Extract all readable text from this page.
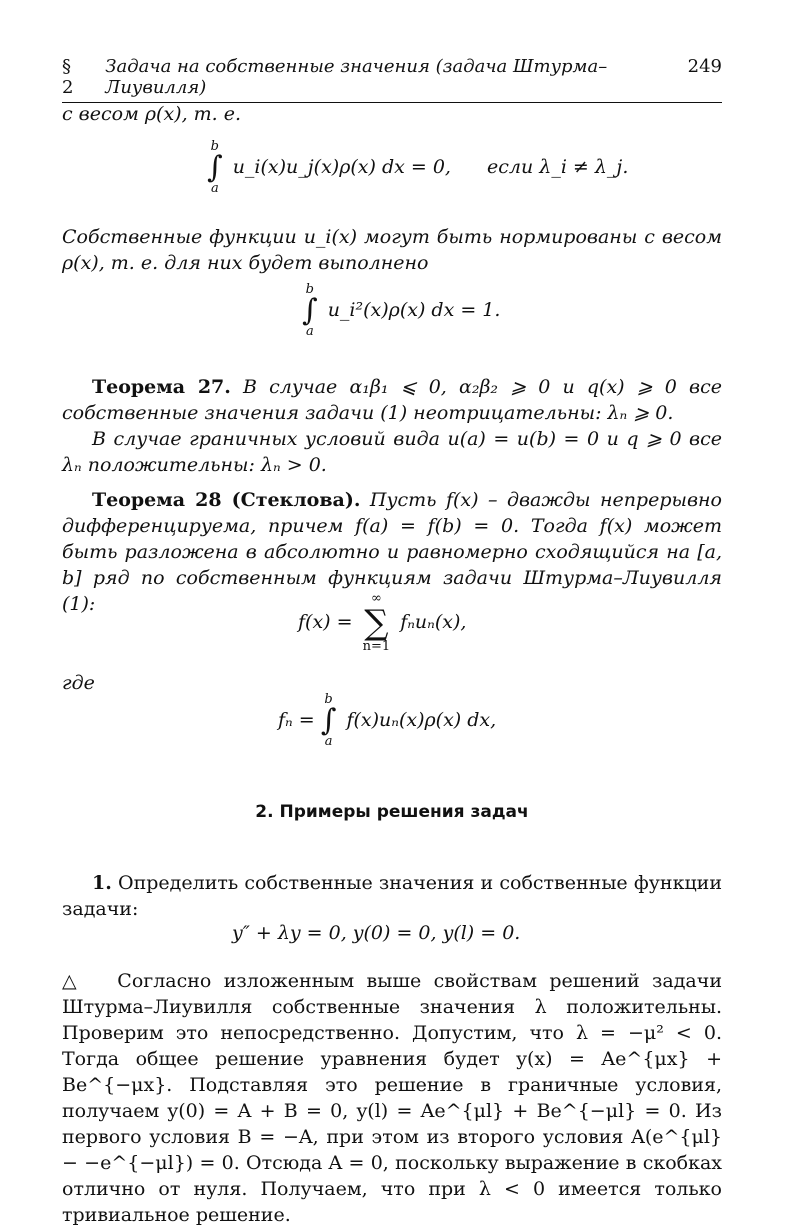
§ 2
Задача на собственные значения (задача Штурма–Лиувилля)
249
с весом ρ(x), т. е.
b
∫
a
u_i(x)u_j(x)ρ(x) dx = 0, если λ_i ≠ λ_j.
Собственные функции u_i(x) могут быть нормированы с весом ρ(x), т. е. для них будет выполнено
b
∫
a
u_i²(x)ρ(x) dx = 1.
Теорема 27. В случае α₁β₁ ⩽ 0, α₂β₂ ⩾ 0 и q(x) ⩾ 0 все собственные значения задачи (1) неотрицательны: λₙ ⩾ 0.
В случае граничных условий вида u(a) = u(b) = 0 и q ⩾ 0 все λₙ положительны: λₙ > 0.
Теорема 28 (Стеклова). Пусть f(x) – дважды непрерывно дифференцируема, причем f(a) = f(b) = 0. Тогда f(x) может быть разложена в абсолютно и равномерно сходящийся на [a, b] ряд по собственным функциям задачи Штурма–Лиувилля (1):
f(x) =
∞
∑
n=1
fₙuₙ(x),
где
fₙ =
b
∫
a
f(x)uₙ(x)ρ(x) dx,
2. Примеры решения задач
1. Определить собственные значения и собственные функции задачи:
y″ + λy = 0, y(0) = 0, y(l) = 0.
△ Согласно изложенным выше свойствам решений задачи Штурма–Лиувилля собственные значения λ положительны. Проверим это непосредственно. Допустим, что λ = −μ² < 0. Тогда общее решение уравнения будет y(x) = Ae^{μx} + Be^{−μx}. Подставляя это решение в граничные условия, получаем y(0) = A + B = 0, y(l) = Ae^{μl} + Be^{−μl} = 0. Из первого условия B = −A, при этом из второго условия A(e^{μl} − −e^{−μl}) = 0. Отсюда A = 0, поскольку выражение в скобках отлично от нуля. Получаем, что при λ < 0 имеется только тривиальное решение.
